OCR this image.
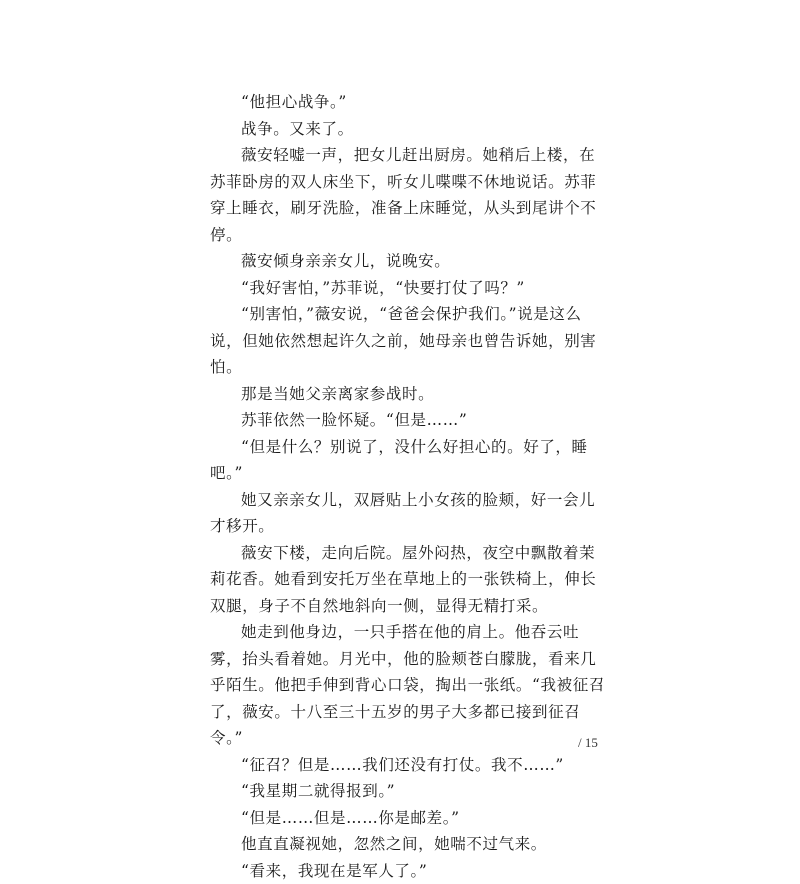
“他担心战争。”

战争。又来了。

薇安轻嘘一声，把女儿赶出厨房。她稍后上楼，在苏菲卧房的双人床坐下，听女儿喋喋不休地说话。苏菲穿上睡衣，刷牙洗脸，准备上床睡觉，从头到尾讲个不停。

薇安倾身亲亲女儿，说晚安。

“我好害怕，”苏菲说，“快要打仗了吗？”

“别害怕，”薇安说，“爸爸会保护我们。”说是这么说，但她依然想起许久之前，她母亲也曾告诉她，别害怕。

那是当她父亲离家参战时。

苏菲依然一脸怀疑。“但是……”

“但是什么？别说了，没什么好担心的。好了，睡吧。”

她又亲亲女儿，双唇贴上小女孩的脸颊，好一会儿才移开。

薇安下楼，走向后院。屋外闷热，夜空中飘散着茉莉花香。她看到安托万坐在草地上的一张铁椅上，伸长双腿，身子不自然地斜向一侧，显得无精打采。

她走到他身边，一只手搭在他的肩上。他吞云吐雾，抬头看着她。月光中，他的脸颊苍白朦胧，看来几乎陌生。他把手伸到背心口袋，掏出一张纸。“我被征召了，薇安。十八至三十五岁的男子大多都已接到征召令。”

“征召？但是……我们还没有打仗。我不……”

“我星期二就得报到。”

“但是……但是……你是邮差。”

他直直凝视她，忽然之间，她喘不过气来。

“看来，我现在是军人了。”

/ 15
